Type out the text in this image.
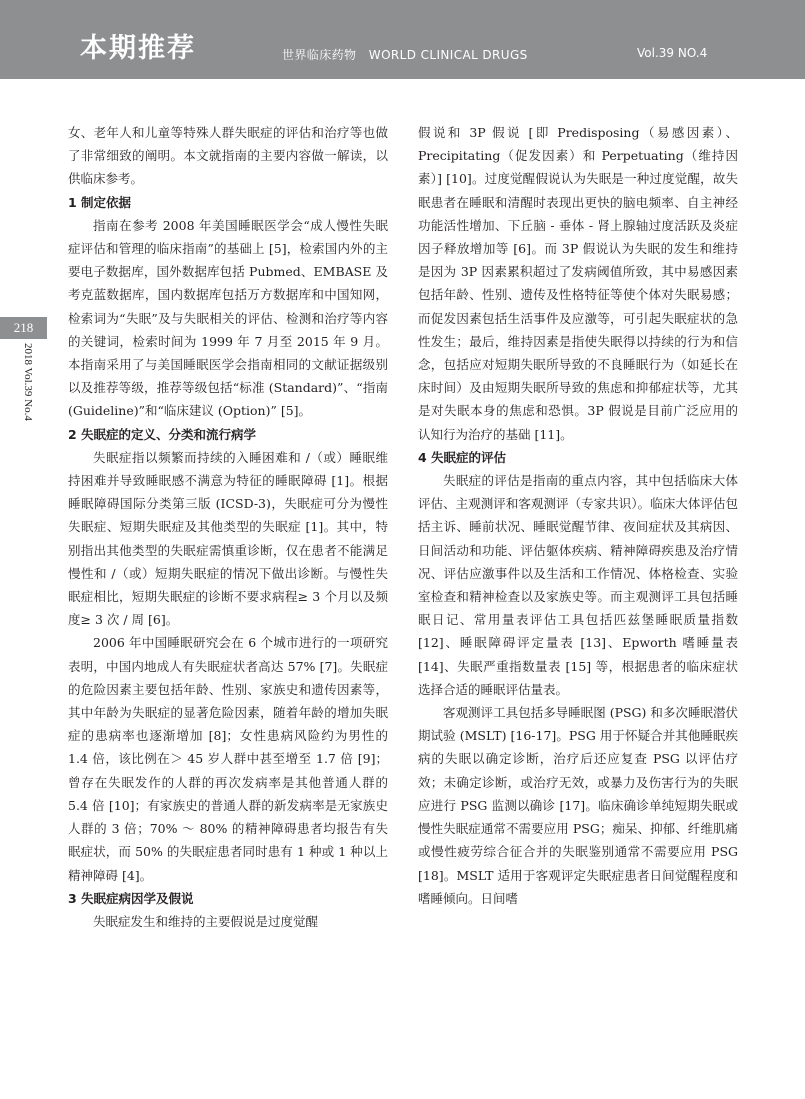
本期推荐	世界临床药物　WORLD CLINICAL DRUGS	Vol.39 NO.4
218
2018 Vol.39 No.4

女、老年人和儿童等特殊人群失眠症的评估和治疗等也做了非常细致的阐明。本文就指南的主要内容做一解读，以供临床参考。

1 制定依据

指南在参考 2008 年美国睡眠医学会“成人慢性失眠症评估和管理的临床指南”的基础上 [5]，检索国内外的主要电子数据库，国外数据库包括 Pubmed、EMBASE 及考克蓝数据库，国内数据库包括万方数据库和中国知网，检索词为“失眠”及与失眠相关的评估、检测和治疗等内容的关键词，检索时间为 1999 年 7 月至 2015 年 9 月。本指南采用了与美国睡眠医学会指南相同的文献证据级别以及推荐等级，推荐等级包括“标准 (Standard)”、“指南 (Guideline)”和“临床建议 (Option)” [5]。

2 失眠症的定义、分类和流行病学

失眠症指以频繁而持续的入睡困难和 /（或）睡眠维持困难并导致睡眠感不满意为特征的睡眠障碍 [1]。根据睡眠障碍国际分类第三版 (ICSD-3)，失眠症可分为慢性失眠症、短期失眠症及其他类型的失眠症 [1]。其中，特别指出其他类型的失眠症需慎重诊断，仅在患者不能满足慢性和 /（或）短期失眠症的情况下做出诊断。与慢性失眠症相比，短期失眠症的诊断不要求病程≥ 3 个月以及频度≥ 3 次 / 周 [6]。

2006 年中国睡眠研究会在 6 个城市进行的一项研究表明，中国内地成人有失眠症状者高达 57% [7]。失眠症的危险因素主要包括年龄、性别、家族史和遗传因素等，其中年龄为失眠症的显著危险因素，随着年龄的增加失眠症的患病率也逐渐增加 [8]；女性患病风险约为男性的 1.4 倍，该比例在＞ 45 岁人群中甚至增至 1.7 倍 [9]；曾存在失眠发作的人群的再次发病率是其他普通人群的 5.4 倍 [10]；有家族史的普通人群的新发病率是无家族史人群的 3 倍；70% ～ 80% 的精神障碍患者均报告有失眠症状，而 50% 的失眠症患者同时患有 1 种或 1 种以上精神障碍 [4]。

3 失眠症病因学及假说

失眠症发生和维持的主要假说是过度觉醒

假说和 3P 假说 [即 Predisposing（易感因素）、Precipitating（促发因素）和 Perpetuating（维持因素）] [10]。过度觉醒假说认为失眠是一种过度觉醒，故失眠患者在睡眠和清醒时表现出更快的脑电频率、自主神经功能活性增加、下丘脑 - 垂体 - 肾上腺轴过度活跃及炎症因子释放增加等 [6]。而 3P 假说认为失眠的发生和维持是因为 3P 因素累积超过了发病阈值所致，其中易感因素包括年龄、性别、遗传及性格特征等使个体对失眠易感；而促发因素包括生活事件及应激等，可引起失眠症状的急性发生；最后，维持因素是指使失眠得以持续的行为和信念，包括应对短期失眠所导致的不良睡眠行为（如延长在床时间）及由短期失眠所导致的焦虑和抑郁症状等，尤其是对失眠本身的焦虑和恐惧。3P 假说是目前广泛应用的认知行为治疗的基础 [11]。

4 失眠症的评估

失眠症的评估是指南的重点内容，其中包括临床大体评估、主观测评和客观测评（专家共识）。临床大体评估包括主诉、睡前状况、睡眠觉醒节律、夜间症状及其病因、日间活动和功能、评估躯体疾病、精神障碍疾患及治疗情况、评估应激事件以及生活和工作情况、体格检查、实验室检查和精神检查以及家族史等。而主观测评工具包括睡眠日记、常用量表评估工具包括匹兹堡睡眠质量指数 [12]、睡眠障碍评定量表 [13]、Epworth 嗜睡量表 [14]、失眠严重指数量表 [15] 等，根据患者的临床症状选择合适的睡眠评估量表。

客观测评工具包括多导睡眠图 (PSG) 和多次睡眠潜伏期试验 (MSLT) [16-17]。PSG 用于怀疑合并其他睡眠疾病的失眠以确定诊断，治疗后还应复查 PSG 以评估疗效；未确定诊断，或治疗无效，或暴力及伤害行为的失眠应进行 PSG 监测以确诊 [17]。临床确诊单纯短期失眠或慢性失眠症通常不需要应用 PSG；痴呆、抑郁、纤维肌痛或慢性疲劳综合征合并的失眠鉴别通常不需要应用 PSG [18]。MSLT 适用于客观评定失眠症患者日间觉醒程度和嗜睡倾向。日间嗜
